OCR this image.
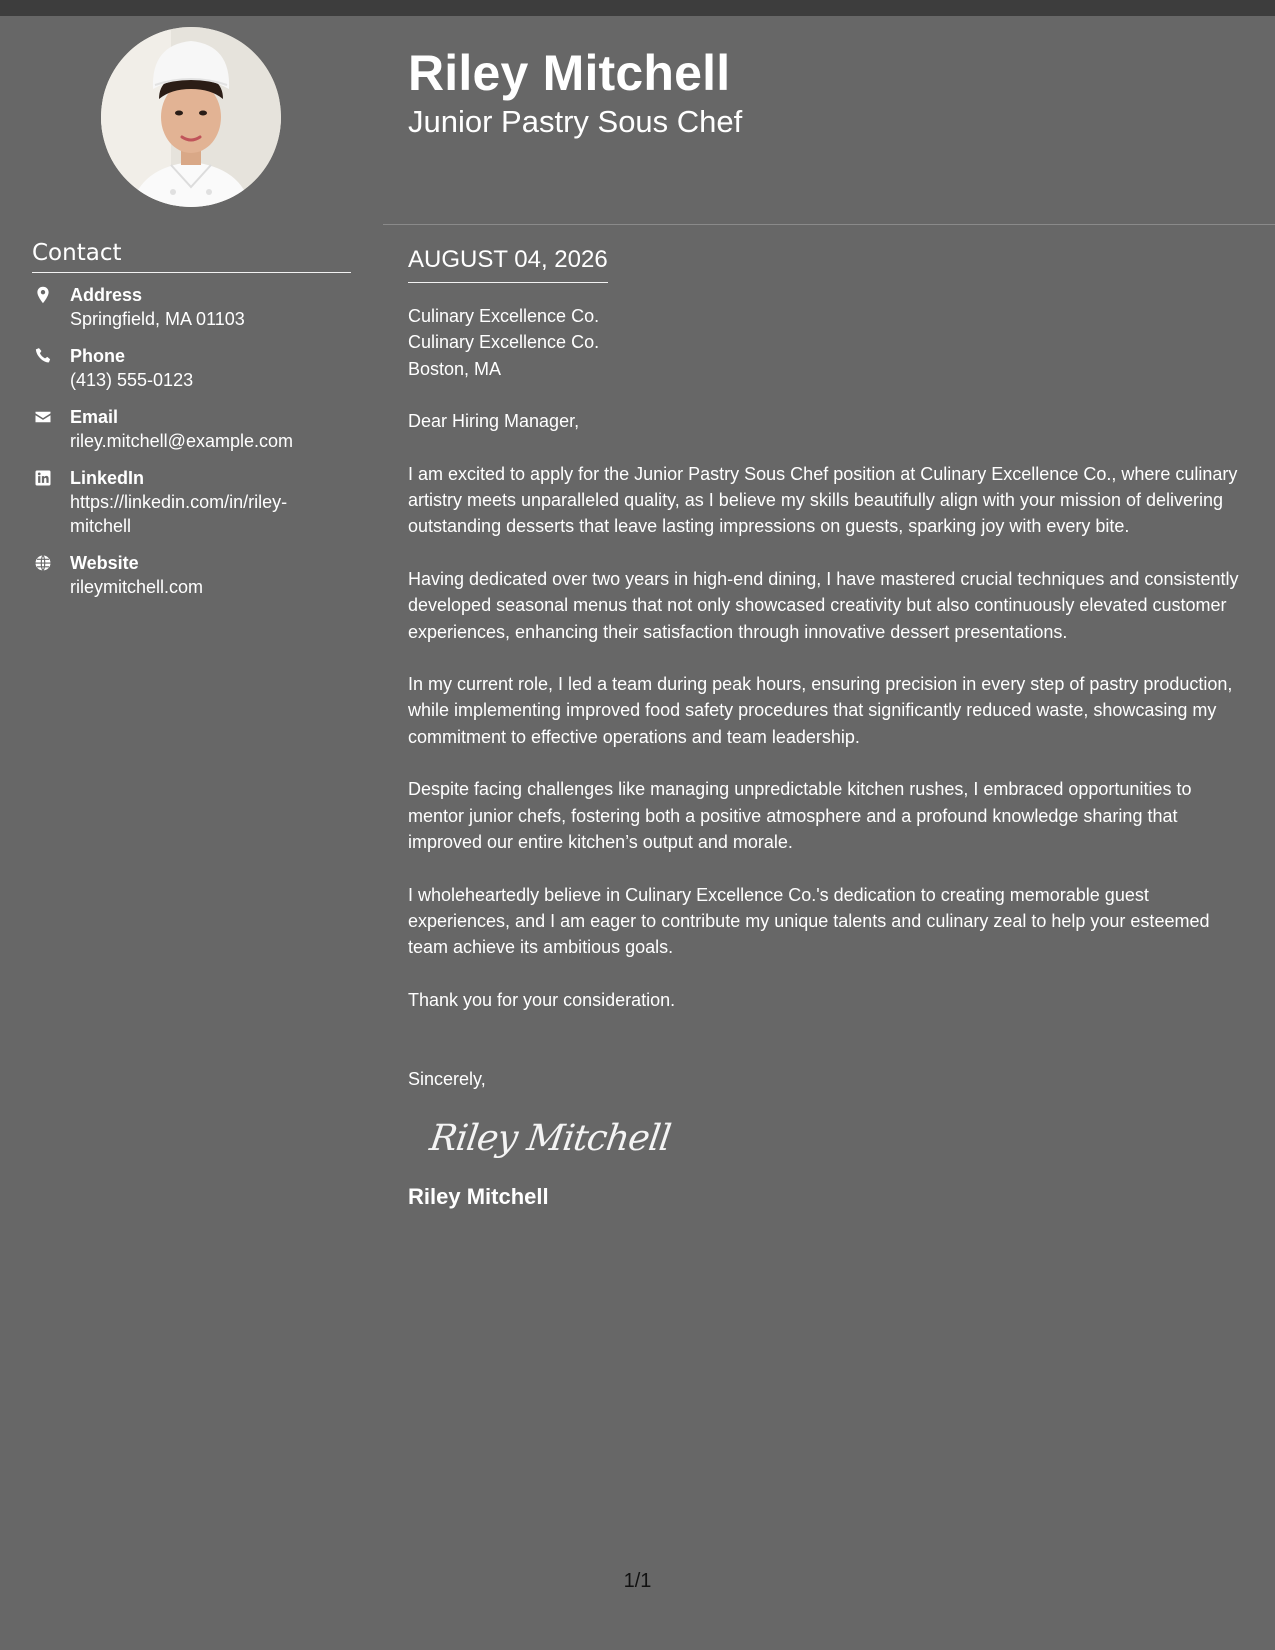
Riley Mitchell
Junior Pastry Sous Chef
Contact
Address
Springfield, MA 01103
Phone
(413) 555-0123
Email
riley.mitchell@example.com
LinkedIn
https://linkedin.com/in/riley-mitchell
Website
rileymitchell.com
AUGUST 04, 2026
Culinary Excellence Co.
Culinary Excellence Co.
Boston, MA

Dear Hiring Manager,

I am excited to apply for the Junior Pastry Sous Chef position at Culinary Excellence Co., where culinary artistry meets unparalleled quality, as I believe my skills beautifully align with your mission of delivering outstanding desserts that leave lasting impressions on guests, sparking joy with every bite.

Having dedicated over two years in high-end dining, I have mastered crucial techniques and consistently developed seasonal menus that not only showcased creativity but also continuously elevated customer experiences, enhancing their satisfaction through innovative dessert presentations.

In my current role, I led a team during peak hours, ensuring precision in every step of pastry production, while implementing improved food safety procedures that significantly reduced waste, showcasing my commitment to effective operations and team leadership.

Despite facing challenges like managing unpredictable kitchen rushes, I embraced opportunities to mentor junior chefs, fostering both a positive atmosphere and a profound knowledge sharing that improved our entire kitchen’s output and morale.

I wholeheartedly believe in Culinary Excellence Co.'s dedication to creating memorable guest experiences, and I am eager to contribute my unique talents and culinary zeal to help your esteemed team achieve its ambitious goals.

Thank you for your consideration.

Sincerely,
Riley Mitchell
Riley Mitchell
1/1
